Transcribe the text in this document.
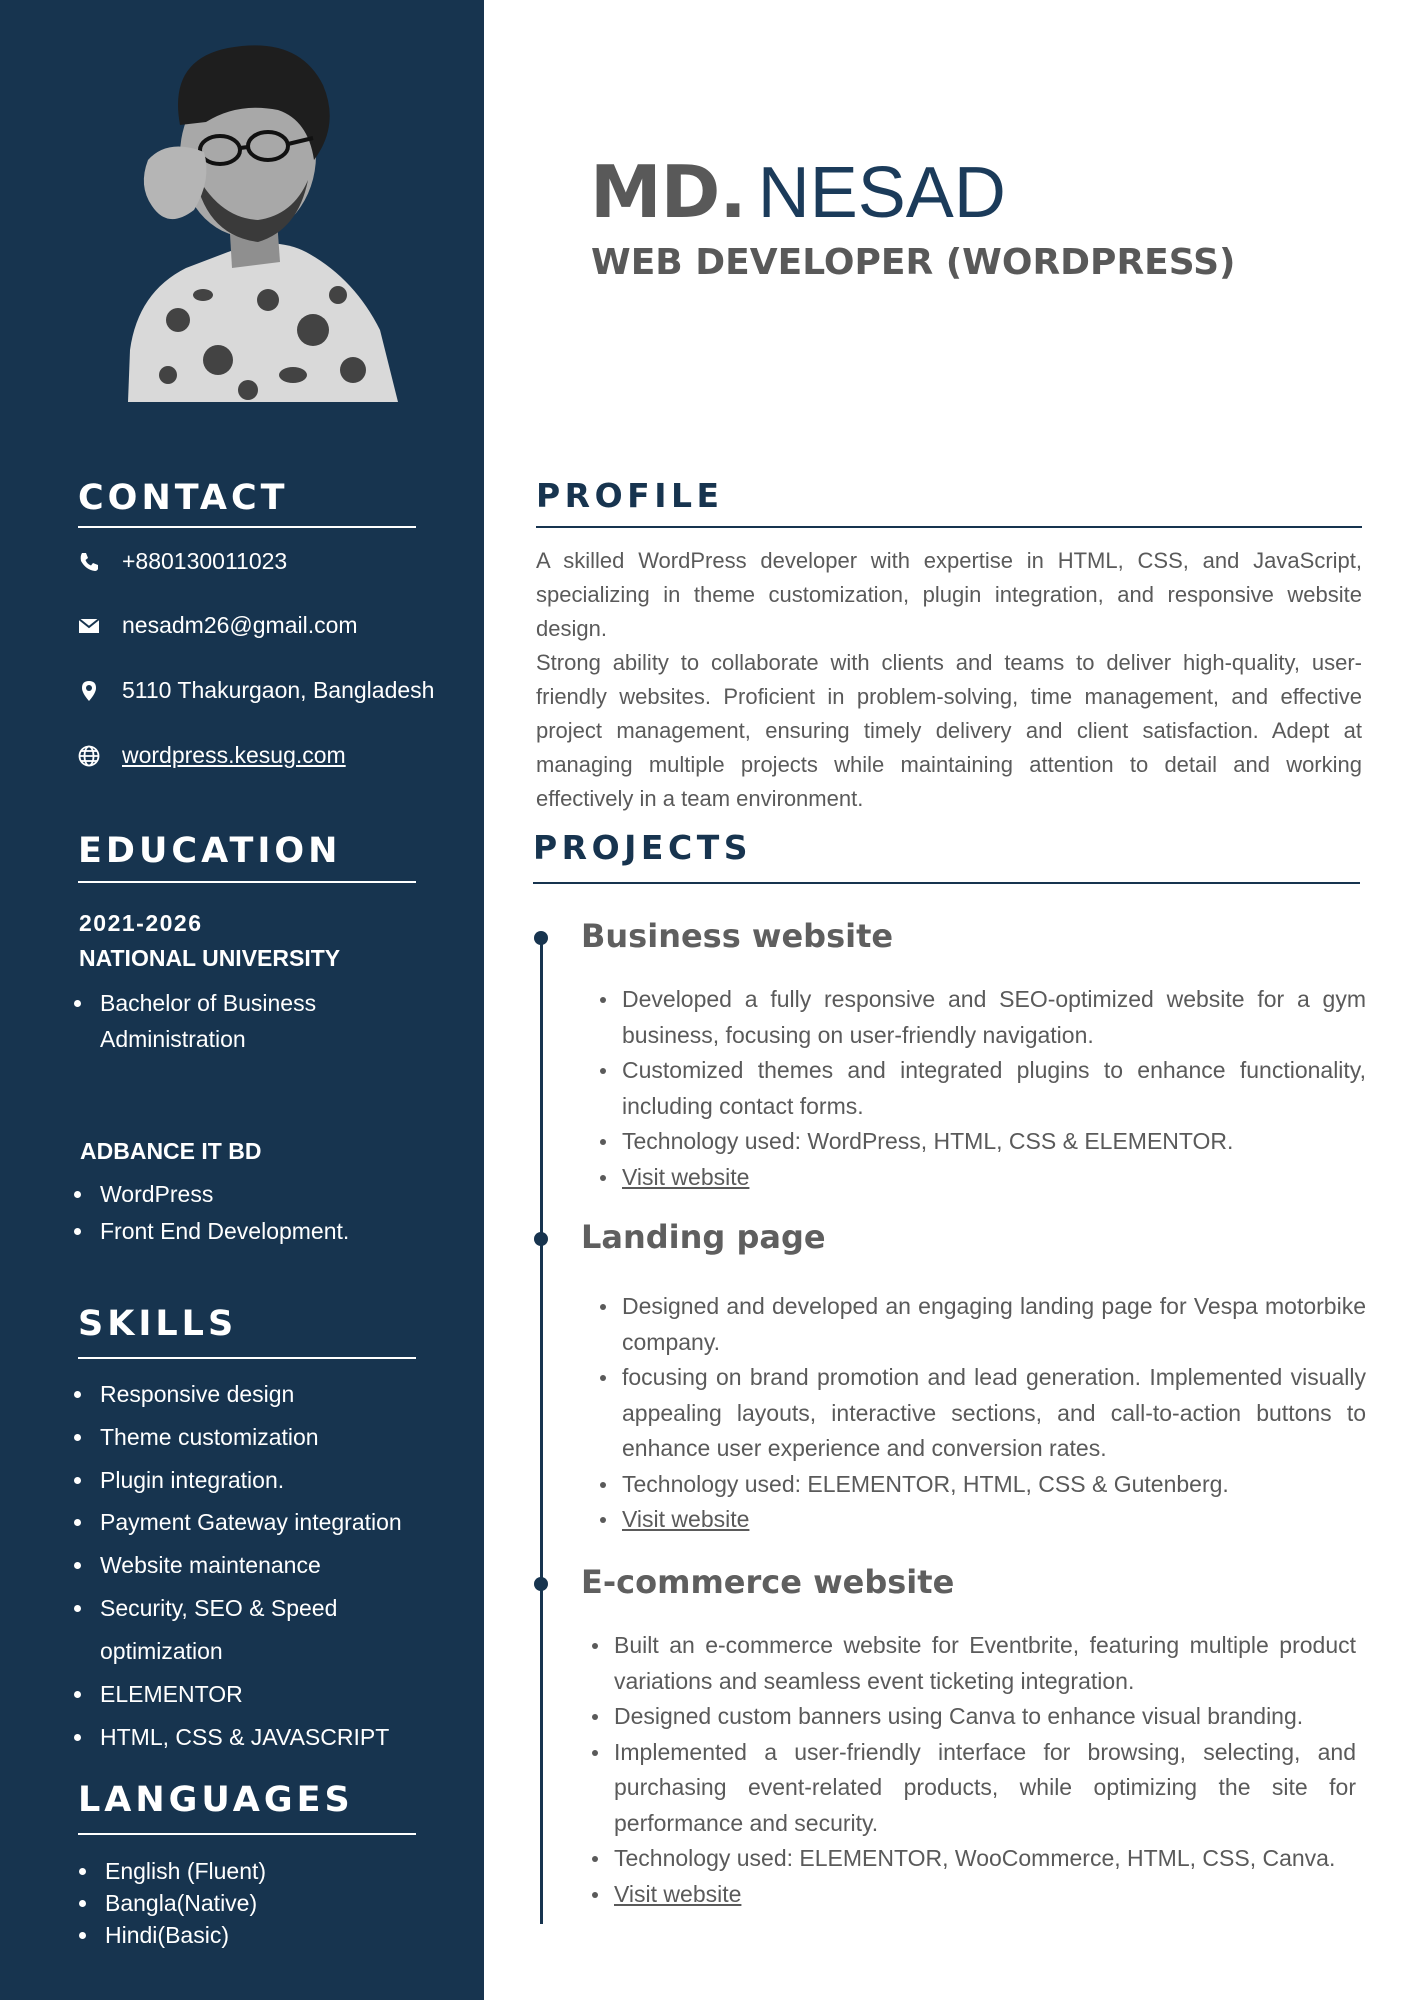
CONTACT
+880130011023
nesadm26@gmail.com
5110 Thakurgaon, Bangladesh
wordpress.kesug.com
EDUCATION
2021-2026
NATIONAL UNIVERSITY
Bachelor of Business Administration
ADBANCE IT BD
WordPress
Front End Development.
SKILLS
Responsive design
Theme customization
Plugin integration.
Payment Gateway integration
Website maintenance
Security, SEO & Speed optimization
ELEMENTOR
HTML, CSS & JAVASCRIPT
LANGUAGES
English (Fluent)
Bangla(Native)
Hindi(Basic)
MD. NESAD
WEB DEVELOPER (WORDPRESS)
PROFILE

A skilled WordPress developer with expertise in HTML, CSS, and JavaScript, specializing in theme customization, plugin integration, and responsive website design.

Strong ability to collaborate with clients and teams to deliver high-quality, user-friendly websites. Proficient in problem-solving, time management, and effective project management, ensuring timely delivery and client satisfaction. Adept at managing multiple projects while maintaining attention to detail and working effectively in a team environment.

PROJECTS
Business website
Developed a fully responsive and SEO-optimized website for a gym business, focusing on user-friendly navigation.
Customized themes and integrated plugins to enhance functionality, including contact forms.
Technology used: WordPress, HTML, CSS & ELEMENTOR.
Visit website
Landing page
Designed and developed an engaging landing page for Vespa motorbike company.
focusing on brand promotion and lead generation. Implemented visually appealing layouts, interactive sections, and call-to-action buttons to enhance user experience and conversion rates.
Technology used: ELEMENTOR, HTML, CSS & Gutenberg.
Visit website
E-commerce website
Built an e-commerce website for Eventbrite, featuring multiple product variations and seamless event ticketing integration.
Designed custom banners using Canva to enhance visual branding.
Implemented a user-friendly interface for browsing, selecting, and purchasing event-related products, while optimizing the site for performance and security.
Technology used: ELEMENTOR, WooCommerce, HTML, CSS, Canva.
Visit website
